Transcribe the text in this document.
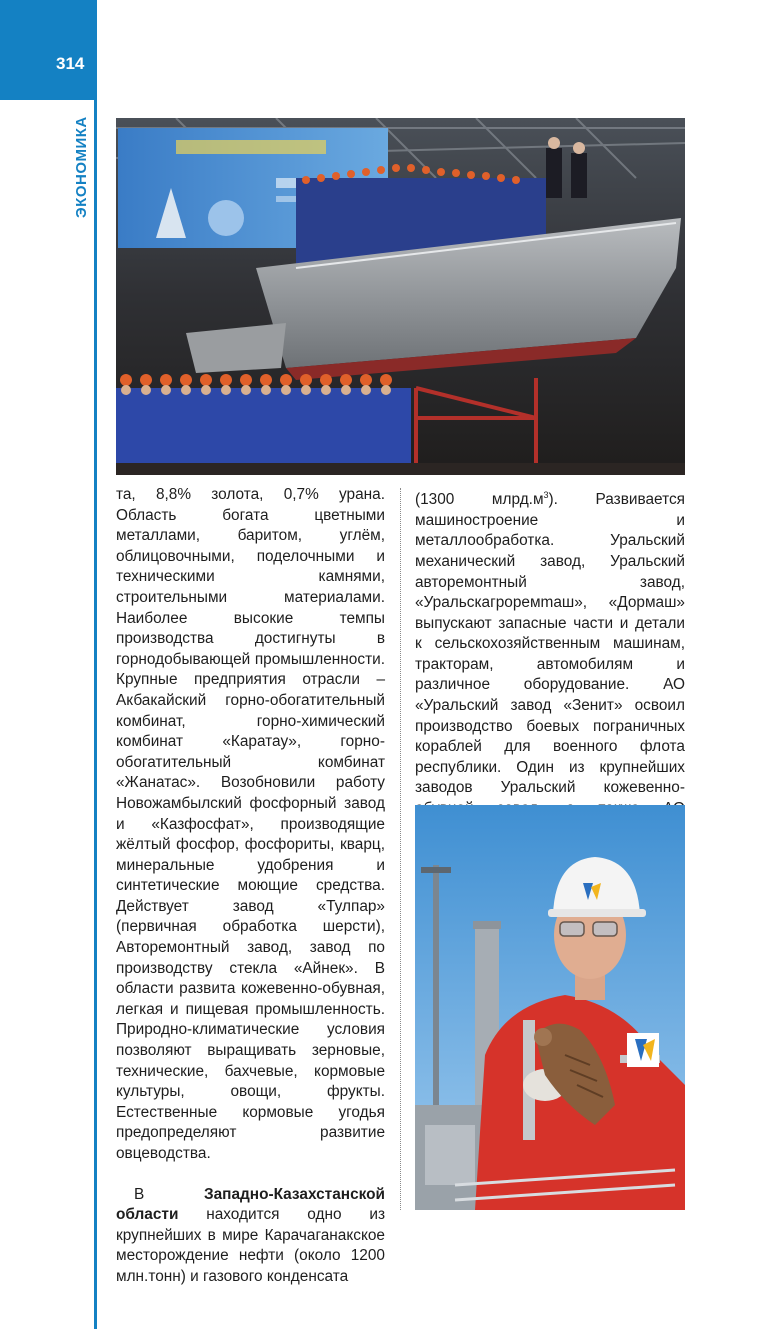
314
ЭКОНОМИКА

та, 8,8% золота, 0,7% урана. Область богата цветными металлами, баритом, углём, облицовочными, поделочными и техническими камнями, строительными материалами. Наиболее высокие темпы производства достигнуты в горнодобывающей промышленности. Крупные предприятия отрасли – Акбакайский горно-обогатительный комбинат, горно-химический комбинат «Каратау», горно-обогатительный комбинат «Жанатас». Возобновили работу Новожамбылский фосфорный завод и «Казфосфат», производящие жёлтый фосфор, фосфориты, кварц, минеральные удобрения и синтетические моющие средства. Действует завод «Тулпар» (первичная обработка шерсти), Авторемонтный завод, завод по производству стекла «Айнек». В области развита кожевенно-обувная, легкая и пищевая промышленность. Природно-климатические условия позволяют выращивать зерновые, технические, бахчевые, кормовые культуры, овощи, фрукты. Естественные кормовые угодья предопределяют развитие овцеводства.

В Западно-Казахстанской области находится одно из крупнейших в мире Карачаганакское месторождение нефти (около 1200 млн.тонн) и газового конденсата

(1300 $млрд.м^3$). Развивается машиностроение и металлообработка. Уральский механический завод, Уральский авторемонтный завод, «Уральскагроремmаш», «Дормаш» выпускают запасные части и детали к сельскохозяйственным машинам, тракторам, автомобилям и различное оборудование. АО «Уральский завод «Зенит» освоил производство боевых пограничных кораблей для военного флота республики. Один из крупнейших заводов Уральский кожевенно-
